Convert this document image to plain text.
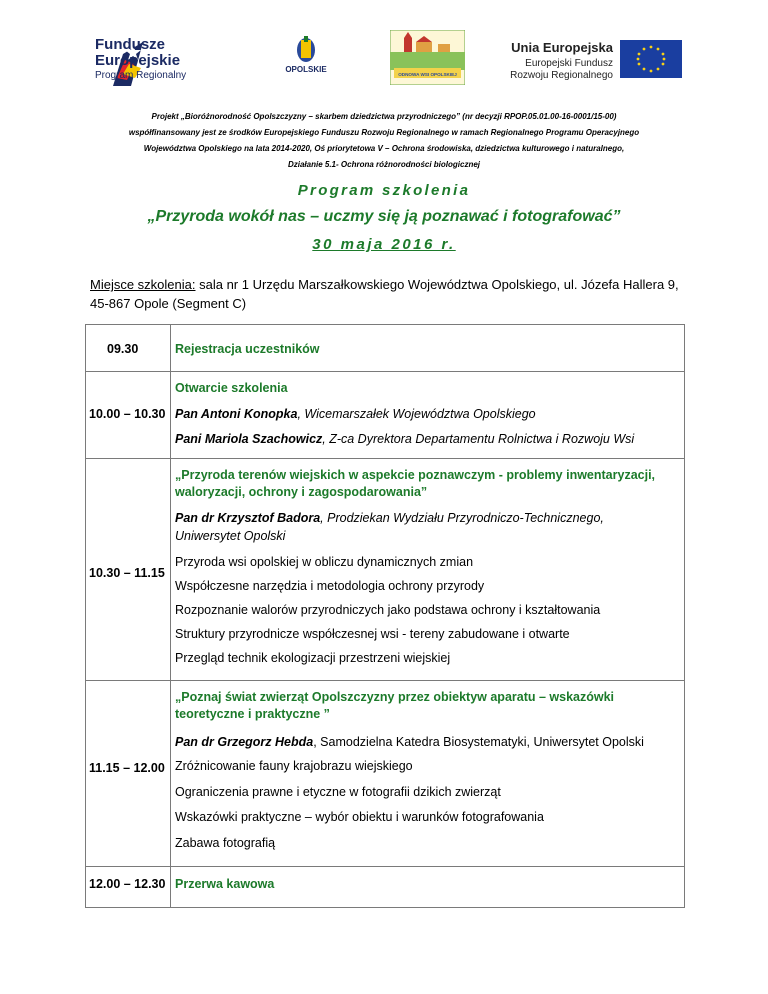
Fundusze
Europejskie
Program Regionalny
OPOLSKIE
ODNOWA WSI OPOLSKIEJ
Unia Europejska
Europejski Fundusz
Rozwoju Regionalnego
Projekt „Bioróżnorodność Opolszczyzny – skarbem dziedzictwa przyrodniczego” (nr decyzji RPOP.05.01.00-16-0001/15-00)
współfinansowany jest ze środków Europejskiego Funduszu Rozwoju Regionalnego w ramach Regionalnego Programu Operacyjnego
Województwa Opolskiego na lata 2014-2020, Oś priorytetowa V – Ochrona środowiska, dziedzictwa kulturowego i naturalnego,
Działanie 5.1- Ochrona różnorodności biologicznej
Program szkolenia
„Przyroda wokół nas – uczmy się ją poznawać i fotografować”
30 maja 2016 r.
Miejsce szkolenia: sala nr 1 Urzędu Marszałkowskiego Województwa Opolskiego, ul. Józefa Hallera 9,
45-867 Opole (Segment C)
09.30	Rejestracja uczestników
Otwarcie szkolenia
10.00 – 10.30 Pan Antoni Konopka, Wicemarszałek Województwa Opolskiego
Pani Mariola Szachowicz, Z-ca Dyrektora Departamentu Rolnictwa i Rozwoju Wsi
„Przyroda terenów wiejskich w aspekcie poznawczym - problemy inwentaryzacji,
waloryzacji, ochrony i zagospodarowania”
Pan dr Krzysztof Badora, Prodziekan Wydziału Przyrodniczo-Technicznego,
Uniwersytet Opolski
10.30 – 11.15
Przyroda wsi opolskiej w obliczu dynamicznych zmian
Współczesne narzędzia i metodologia ochrony przyrody
Rozpoznanie walorów przyrodniczych jako podstawa ochrony i kształtowania
Struktury przyrodnicze współczesnej wsi - tereny zabudowane i otwarte
Przegląd technik ekologizacji przestrzeni wiejskiej
„Poznaj świat zwierząt Opolszczyzny przez obiektyw aparatu – wskazówki
teoretyczne i praktyczne ”
Pan dr Grzegorz Hebda, Samodzielna Katedra Biosystematyki, Uniwersytet Opolski
11.15 – 12.00 Zróżnicowanie fauny krajobrazu wiejskiego
Ograniczenia prawne i etyczne w fotografii dzikich zwierząt
Wskazówki praktyczne – wybór obiektu i warunków fotografowania
Zabawa fotografią
12.00 – 12.30 Przerwa kawowa
